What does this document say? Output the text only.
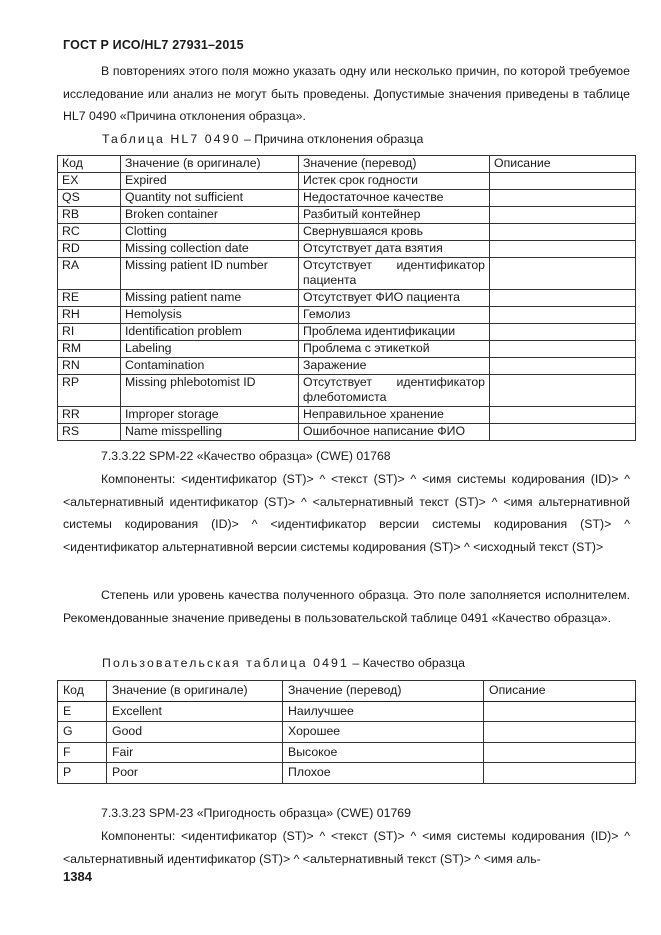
ГОСТ Р ИСО/HL7 27931–2015
В повторениях этого поля можно указать одну или несколько причин, по которой требуемое исследование или анализ не могут быть проведены. Допустимые значения приведены в таблице HL7 0490 «Причина отклонения образца».
Таблица HL7 0490 – Причина отклонения образца
Код	Значение (в оригинале)	Значение (перевод)	Описание
EX	Expired	Истек срок годности	
QS	Quantity not sufficient	Недостаточное качестве	
RB	Broken container	Разбитый контейнер	
RC	Clotting	Свернувшаяся кровь	
RD	Missing collection date	Отсутствует дата взятия	
RA	Missing patient ID number	Отсутствует идентификатор пациента	
RE	Missing patient name	Отсутствует ФИО пациента	
RH	Hemolysis	Гемолиз	
RI	Identification problem	Проблема идентификации	
RM	Labeling	Проблема с этикеткой	
RN	Contamination	Заражение	
RP	Missing phlebotomist ID	Отсутствует идентификатор флеботомиста	
RR	Improper storage	Неправильное хранение	
RS	Name misspelling	Ошибочное написание ФИО	
7.3.3.22 SPM-22 «Качество образца» (CWE) 01768
Компоненты: <идентификатор (ST)> ^ <текст (ST)> ^ <имя системы кодирования (ID)> ^ <альтернативный идентификатор (ST)> ^ <альтернативный текст (ST)> ^ <имя альтернативной системы кодирования (ID)> ^ <идентификатор версии системы кодирования (ST)> ^ <идентификатор альтернативной версии системы кодирования (ST)> ^ <исходный текст (ST)>
Степень или уровень качества полученного образца. Это поле заполняется исполнителем. Рекомендованные значение приведены в пользовательской таблице 0491 «Качество образца».
Пользовательская таблица 0491 – Качество образца
Код	Значение (в оригинале)	Значение (перевод)	Описание
E	Excellent	Наилучшее	
G	Good	Хорошее	
F	Fair	Высокое	
P	Poor	Плохое	
7.3.3.23 SPM-23 «Пригодность образца» (CWE) 01769
Компоненты: <идентификатор (ST)> ^ <текст (ST)> ^ <имя системы кодирования (ID)> ^ <альтернативный идентификатор (ST)> ^ <альтернативный текст (ST)> ^ <имя аль-
1384
